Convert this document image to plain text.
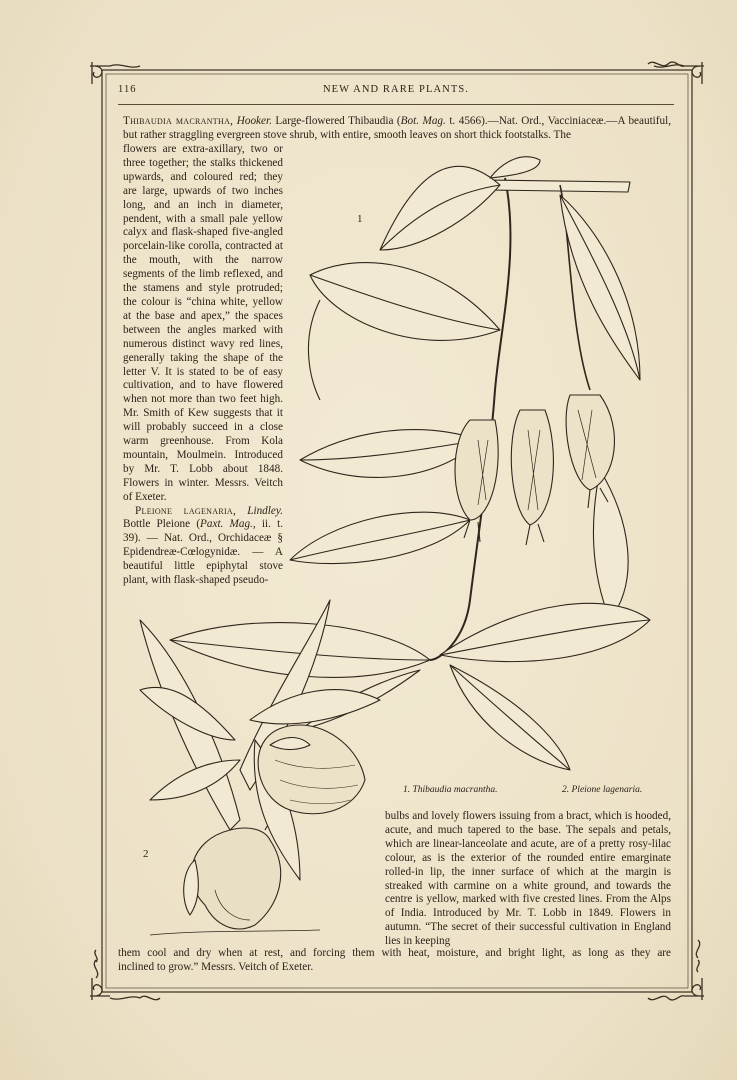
116	NEW AND RARE PLANTS.

Thibaudia macrantha, Hooker. Large-flowered Thibaudia (Bot. Mag. t. 4566).—Nat. Ord., Vacciniaceæ.—A beautiful, but rather straggling evergreen stove shrub, with entire, smooth leaves on short thick footstalks. The

flowers are extra-axillary, two or three together; the stalks thickened upwards, and coloured red; they are large, upwards of two inches long, and an inch in diameter, pendent, with a small pale yellow calyx and flask-shaped five-angled porcelain-like corolla, contracted at the mouth, with the narrow segments of the limb reflexed, and the stamens and style protruded; the colour is “china white, yellow at the base and apex,” the spaces between the angles marked with numerous distinct wavy red lines, generally taking the shape of the letter V. It is stated to be of easy cultivation, and to have flowered when not more than two feet high. Mr. Smith of Kew suggests that it will probably succeed in a close warm greenhouse. From Kola mountain, Moulmein. Introduced by Mr. T. Lobb about 1848. Flowers in winter. Messrs. Veitch of Exeter.

Pleione lagenaria, Lindley. Bottle Pleione (Paxt. Mag., ii. t. 39). — Nat. Ord., Orchidaceæ § Epidendreæ-Cœlogynidæ. — A beautiful little epiphytal stove plant, with flask-shaped pseudo-

1
2
1. Thibaudia macrantha.	2. Pleione lagenaria.

bulbs and lovely flowers issuing from a bract, which is hooded, acute, and much tapered to the base. The sepals and petals, which are linear-lanceolate and acute, are of a pretty rosy-lilac colour, as is the exterior of the rounded entire emarginate rolled-in lip, the inner surface of which at the margin is streaked with carmine on a white ground, and towards the centre is yellow, marked with five crested lines. From the Alps of India. Introduced by Mr. T. Lobb in 1849. Flowers in autumn. “The secret of their successful cultivation in England lies in keeping

them cool and dry when at rest, and forcing them with heat, moisture, and bright light, as long as they are
inclined to grow.” Messrs. Veitch of Exeter.
